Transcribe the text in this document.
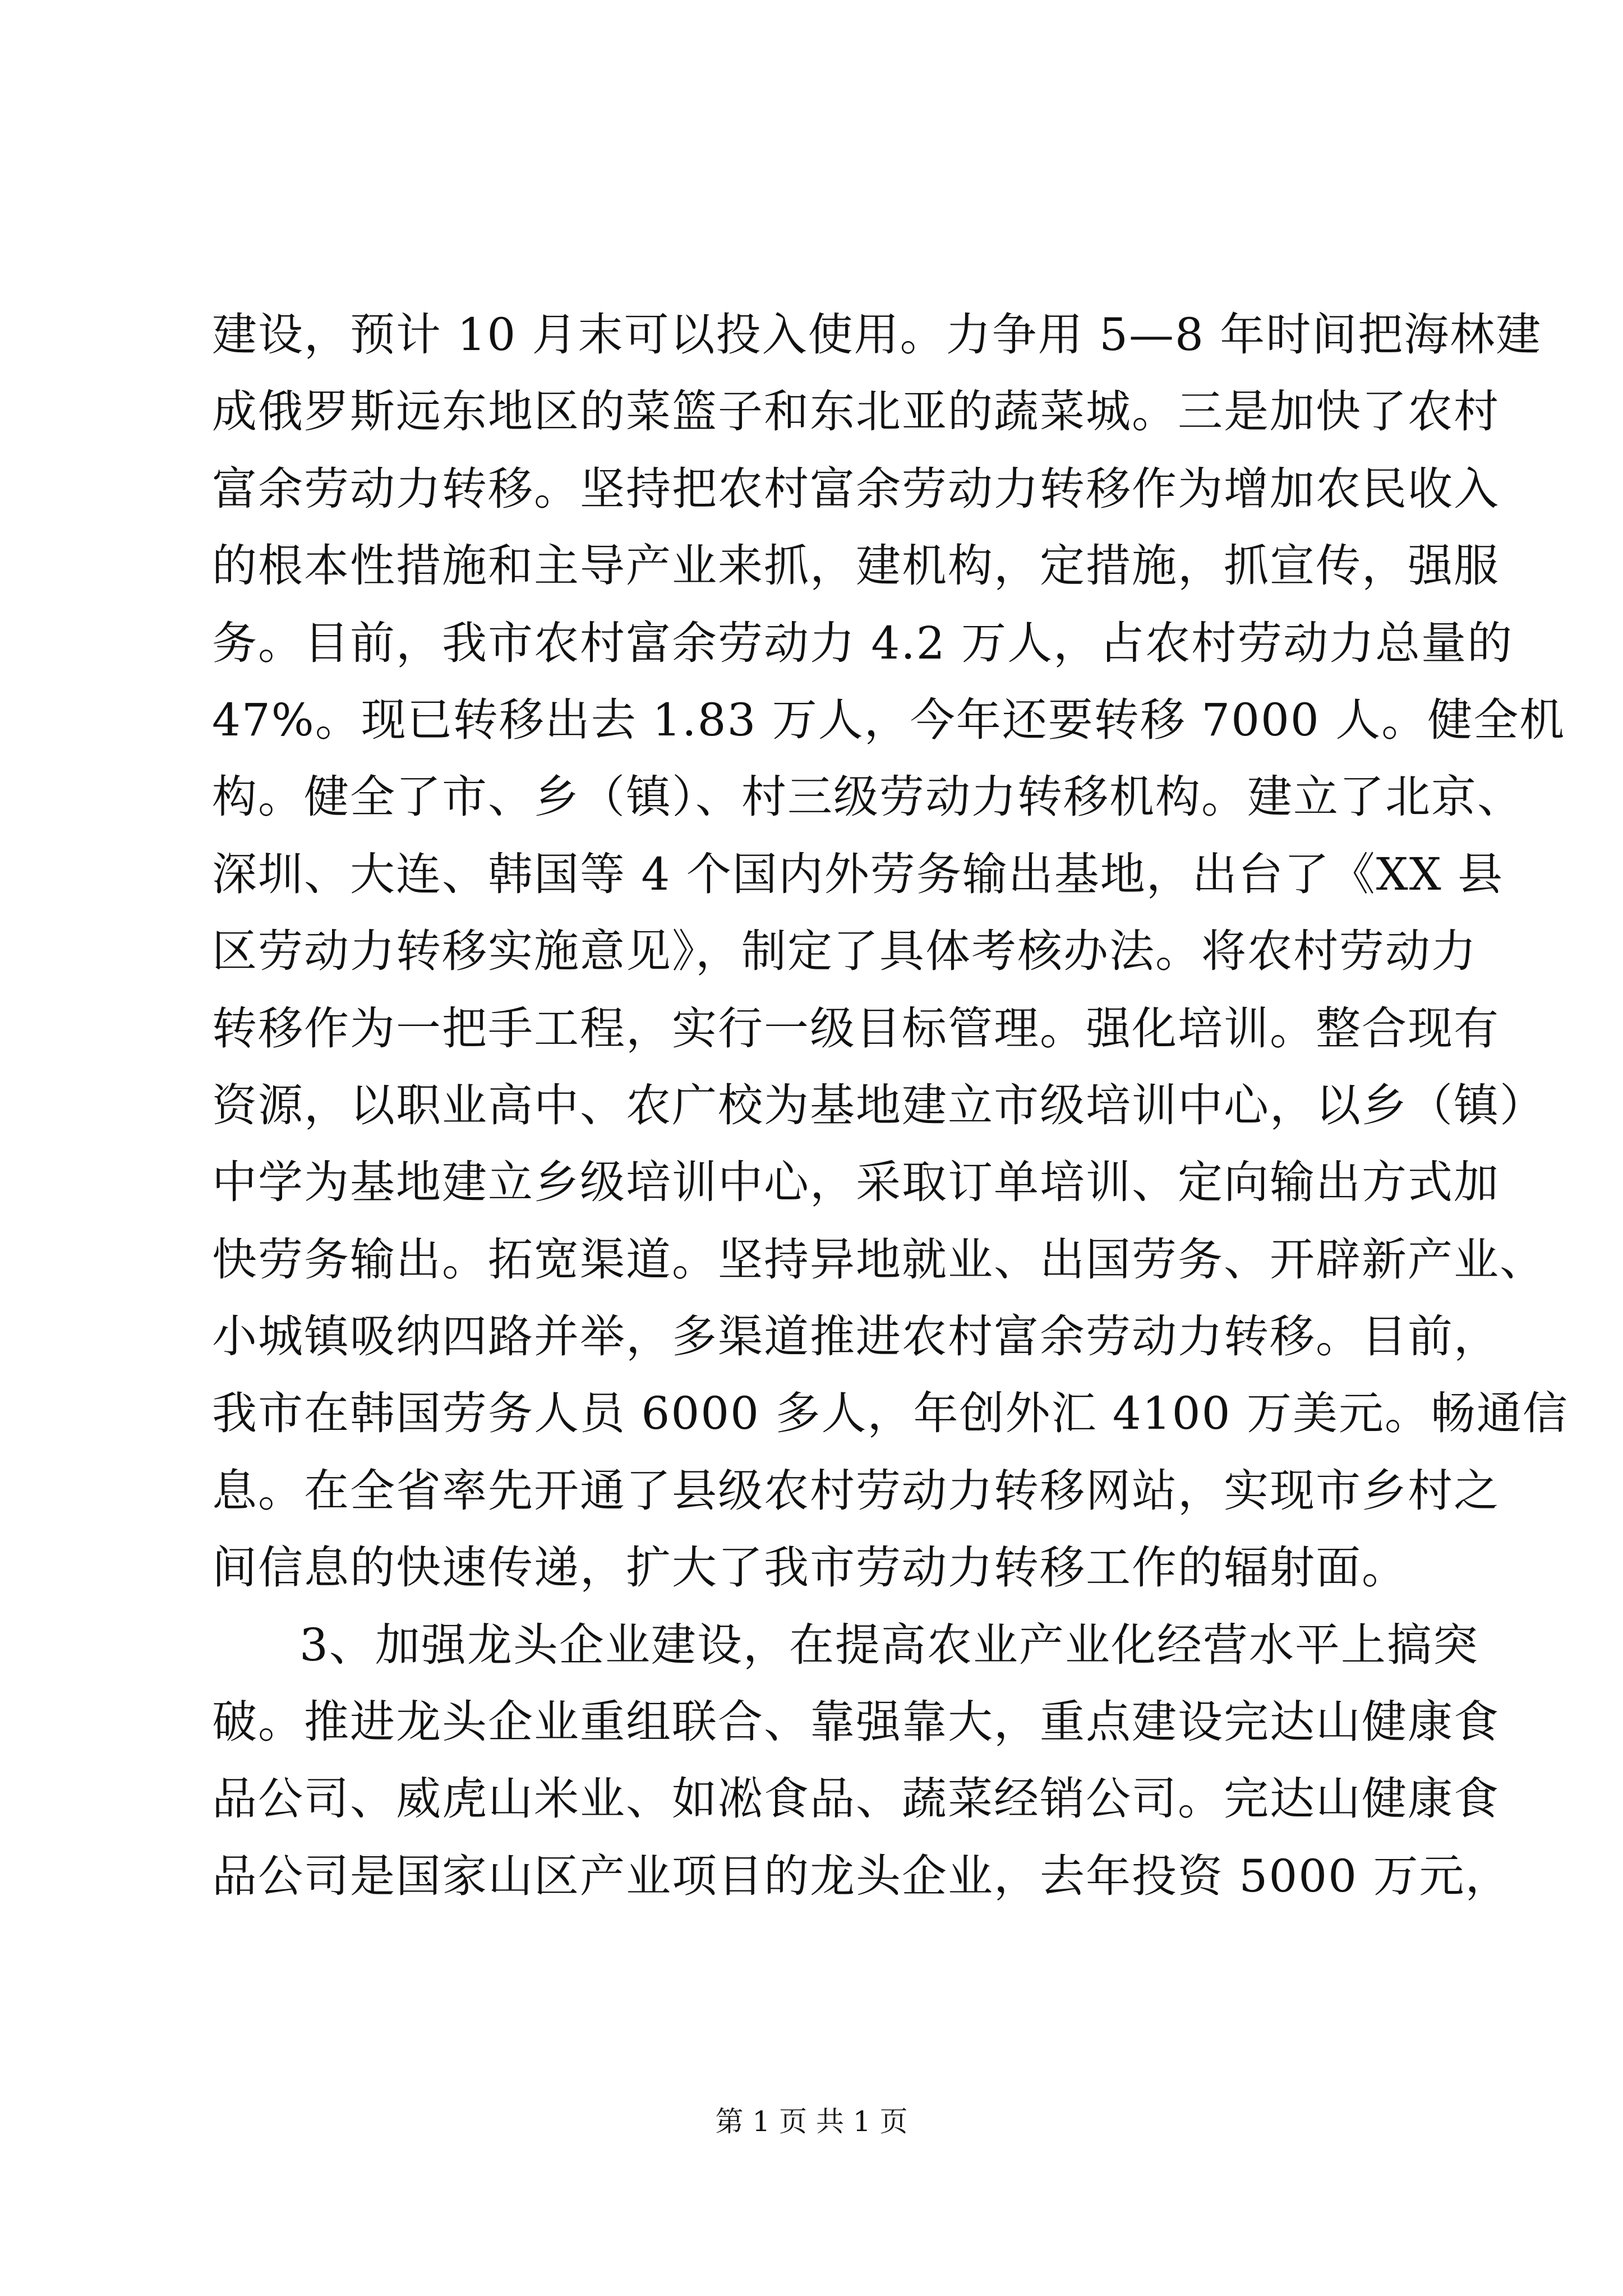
建设，预计 10 月末可以投入使用。力争用 5—8 年时间把海林建
成俄罗斯远东地区的菜篮子和东北亚的蔬菜城。三是加快了农村
富余劳动力转移。坚持把农村富余劳动力转移作为增加农民收入
的根本性措施和主导产业来抓，建机构，定措施，抓宣传，强服
务。目前，我市农村富余劳动力 4.2 万人，占农村劳动力总量的
47%。现已转移出去 1.83 万人，今年还要转移 7000 人。健全机
构。健全了市、乡（镇）、村三级劳动力转移机构。建立了北京、
深圳、大连、韩国等 4 个国内外劳务输出基地，出台了《XX 县
区劳动力转移实施意见》，制定了具体考核办法。将农村劳动力
转移作为一把手工程，实行一级目标管理。强化培训。整合现有
资源，以职业高中、农广校为基地建立市级培训中心，以乡（镇）
中学为基地建立乡级培训中心，采取订单培训、定向输出方式加
快劳务输出。拓宽渠道。坚持异地就业、出国劳务、开辟新产业、
小城镇吸纳四路并举，多渠道推进农村富余劳动力转移。目前，
我市在韩国劳务人员 6000 多人，年创外汇 4100 万美元。畅通信
息。在全省率先开通了县级农村劳动力转移网站，实现市乡村之
间信息的快速传递，扩大了我市劳动力转移工作的辐射面。
3、加强龙头企业建设，在提高农业产业化经营水平上搞突
破。推进龙头企业重组联合、靠强靠大，重点建设完达山健康食
品公司、威虎山米业、如凇食品、蔬菜经销公司。完达山健康食
品公司是国家山区产业项目的龙头企业，去年投资 5000 万元，
第 1 页 共 1 页
